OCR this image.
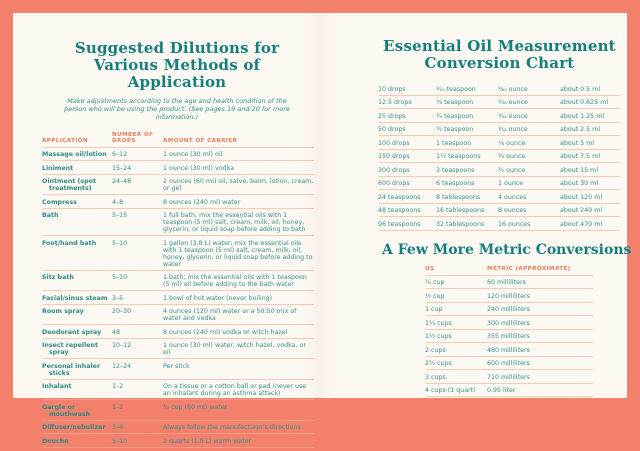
Suggested Dilutions for Various Methods of Application

Make adjustments according to the age and health condition of the person who will be using the product. (See pages 19 and 20 for more information.)

APPLICATION
NUMBER OF DROPS	AMOUNT OF CARRIER
~~~~~
Massage oil/lotion 6–12	1 ounce (30 ml) oil
~~~~~
Liniment	15–24	1 ounce (30 ml) vodka
~~~~~
Ointment (spot treatments)
24–48	2 ounces (60 ml) oil, salve, balm, lotion, cream, or gel
~~~~~
Compress	4–8	8 ounces (240 ml) water
~~~~~
Bath	5–15	1 full bath; mix the essential oils with 1 teaspoon (5 ml) salt, cream, milk, oil, honey, glycerin, or liquid soap before adding to bath
~~~~~
Foot/hand bath	5–10	1 gallon (3.8 L) water; mix the essential oils with 1 teaspoon (5 ml) salt, cream, milk, oil, honey, glycerin, or liquid soap before adding to water
~~~~~
Sitz bath	5–10	1 bath; mix the essential oils with 1 teaspoon (5 ml) oil before adding to the bath water
~~~~~
Facial/sinus steam 3–5	1 bowl of hot water (never boiling)
~~~~~
Room spray	20–30	4 ounces (120 ml) water or a 50:50 mix of water and vodka
~~~~~
Deodorant spray	48	8 ounces (240 ml) vodka or witch hazel
~~~~~
Insect repellent spray
10–12	1 ounce (30 ml) water, witch hazel, vodka, or oil
~~~~~
Personal inhaler sticks
12–24	Per stick
~~~~~
Inhalant	1–2	On a tissue or a cotton ball or pad (never use an inhalant during an asthma attack)
~~~~~
Gargle or mouthwash
1–2	¼ cup (60 ml) water
~~~~~
Diffuser/nebulizer	3–6	Always follow the manufacturer's directions
~~~~~
Douche	5–10	2 quarts (1.9 L) warm water
~~~~~
Essential Oil Measurement Conversion Chart
10 drops	¹⁄₁₀ teaspoon	¹⁄₆₀ ounce	about 0.5 ml
~~~~~
12.5 drops	⅛ teaspoon	¹⁄₄₈ ounce	about 0.625 ml
~~~~~
25 drops	¼ teaspoon	¹⁄₂₄ ounce	about 1.25 ml
~~~~~
50 drops	½ teaspoon	¹⁄₁₂ ounce	about 2.5 ml
~~~~~
100 drops	1 teaspoon	⅙ ounce	about 5 ml
~~~~~
150 drops	1½ teaspoons	¼ ounce	about 7.5 ml
~~~~~
300 drops	3 teaspoons	½ ounce	about 15 ml
~~~~~
600 drops	6 teaspoons	1 ounce	about 30 ml
~~~~~
24 teaspoons	8 tablespoons	4 ounces	about 120 ml
~~~~~
48 teaspoons	16 tablespoons	8 ounces	about 240 ml
~~~~~
96 teaspoons	32 tablespoons	16 ounces	about 470 ml
~~~~~
A Few More Metric Conversions
US	METRIC (APPROXIMATE)
~~~~~
¼ cup	60 milliliters
~~~~~
½ cup	120 milliliters
~~~~~
1 cup	240 milliliters
~~~~~
1¼ cups	300 milliliters
~~~~~
1½ cups	355 milliliters
~~~~~
2 cups	480 milliliters
~~~~~
2½ cups	600 milliliters
~~~~~
3 cups	710 milliliters
~~~~~
4 cups (1 quart)	0.95 liter
~~~~~
